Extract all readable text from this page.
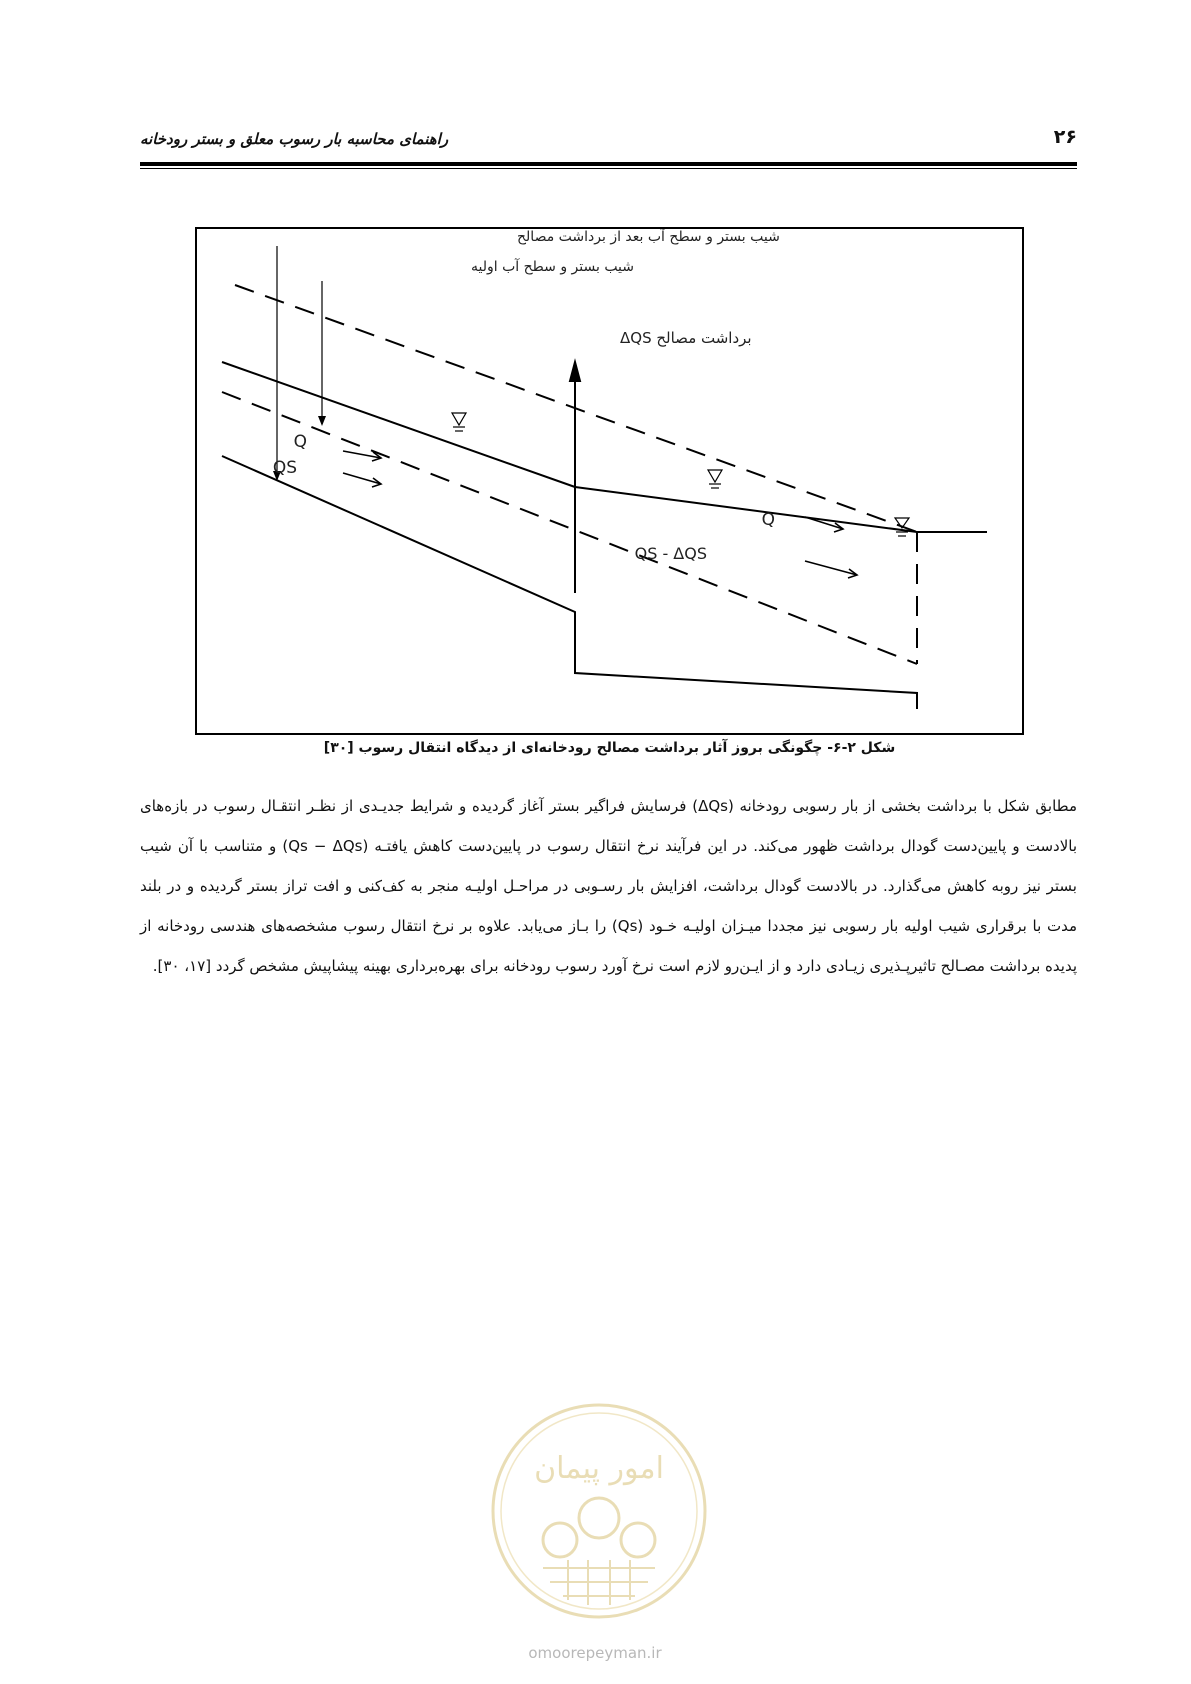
راهنمای محاسبه بار رسوب معلق و بستر رودخانه	۲۶
شیب بستر و سطح آب بعد از برداشت مصالح
شیب بستر و سطح آب اولیه
برداشت مصالح ΔQS
Q
QS
Q
QS - ΔQS
شکل ۲-۶- چگونگی بروز آثار برداشت مصالح رودخانه‌ای از دیدگاه انتقال رسوب [۳۰]

مطابق شکل با برداشت بخشی از بار رسوبی رودخانه (ΔQs) فرسایش فراگیر بستر آغاز گردیده و شرایط جدیـدی از نظـر انتقـال رسوب در بازه‌های بالادست و پایین‌دست گودال برداشت ظهور می‌کند. در این فرآیند نرخ انتقال رسوب در پایین‌دست کاهش یافتـه (Qs − ΔQs) و متناسب با آن شیب بستر نیز روبه کاهش می‌گذارد. در بالادست گودال برداشت، افزایش بار رسـوبی در مراحـل اولیـه منجر به کف‌کنی و افت تراز بستر گردیده و در بلند مدت با برقراری شیب اولیه بار رسوبی نیز مجددا میـزان اولیـه خـود (Qs) را بـاز می‌یابد. علاوه بر نرخ انتقال رسوب مشخصه‌های هندسی رودخانه از پدیده برداشت مصـالح تاثیرپـذیری زیـادی دارد و از ایـن‌رو لازم است نرخ آورد رسوب رودخانه برای بهره‌برداری بهینه پیشاپیش مشخص گردد [۱۷، ۳۰].

امور پیمان
omoorepeyman.ir
